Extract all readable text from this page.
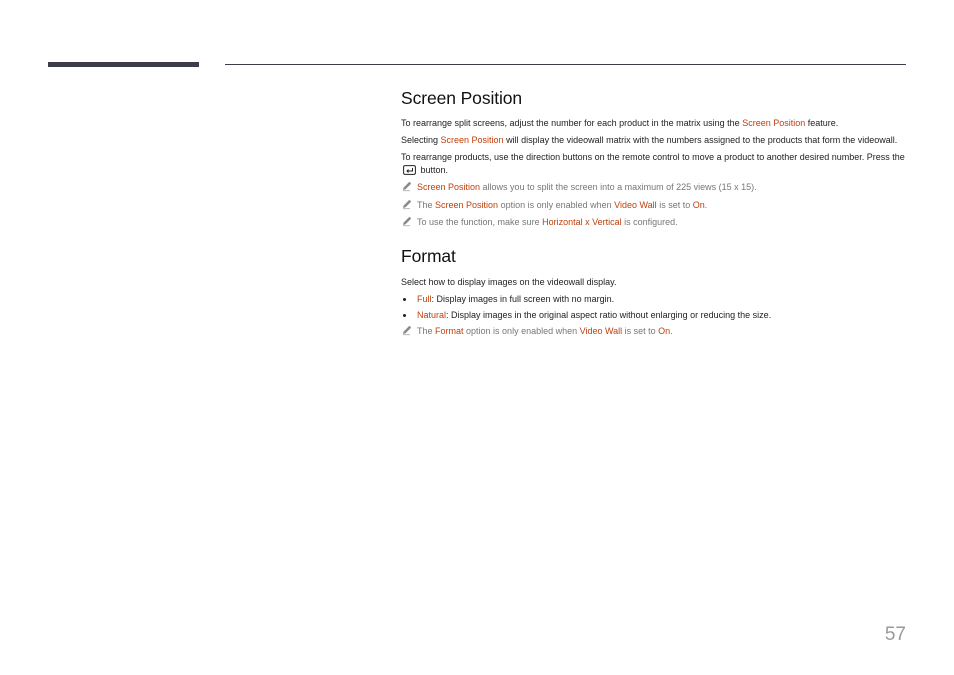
Screen Position

To rearrange split screens, adjust the number for each product in the matrix using the Screen Position feature.

Selecting Screen Position will display the videowall matrix with the numbers assigned to the products that form the videowall.

To rearrange products, use the direction buttons on the remote control to move a product to another desired number. Press the  button.

Screen Position allows you to split the screen into a maximum of 225 views (15 x 15).
The Screen Position option is only enabled when Video Wall is set to On.
To use the function, make sure Horizontal x Vertical is configured.
Format

Select how to display images on the videowall display.

Full: Display images in full screen with no margin.
Natural: Display images in the original aspect ratio without enlarging or reducing the size.
The Format option is only enabled when Video Wall is set to On.
57
